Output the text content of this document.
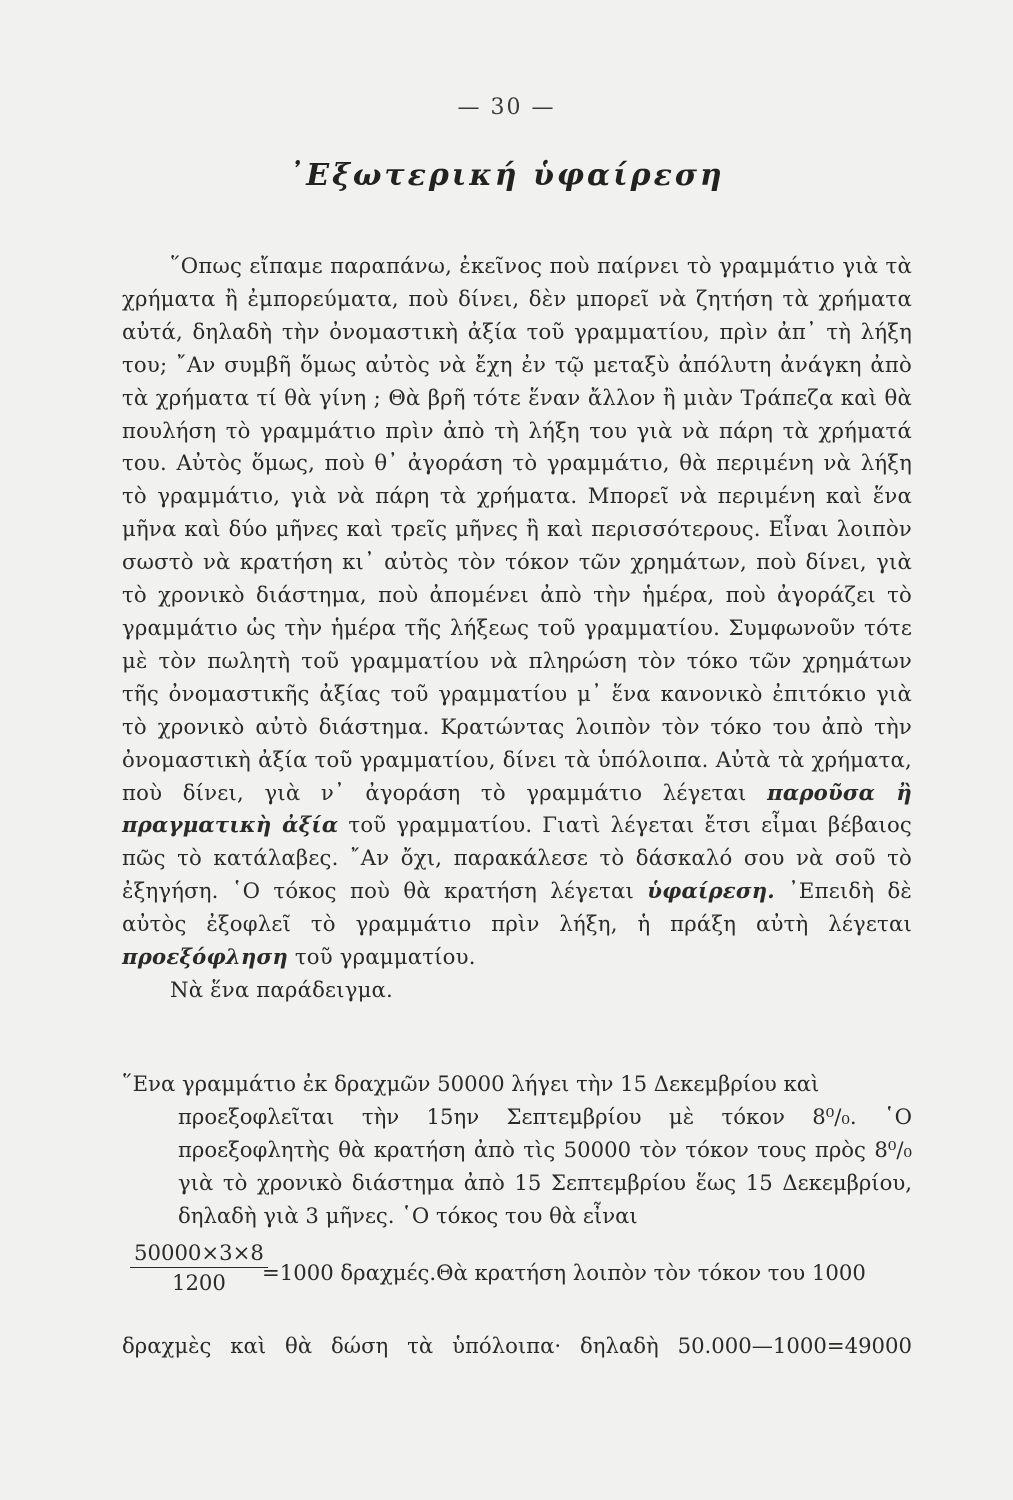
— 30 —
᾿Εξωτερική ὑφαίρεση

῞Οπως εἴπαμε παραπάνω, ἐκεῖνος ποὺ παίρνει τὸ γραμμάτιο γιὰ τὰ χρήματα ἢ ἐμπορεύματα, ποὺ δίνει, δὲν μπορεῖ νὰ ζητήση τὰ χρήματα αὐτά, δηλαδὴ τὴν ὀνομαστικὴ ἀξία τοῦ γραμματίου, πρὶν ἀπ᾿ τὴ λήξη του; ῎Αν συμβῆ ὅμως αὐτὸς νὰ ἔχη ἐν τῷ μεταξὺ ἀπόλυτη ἀνάγκη ἀπὸ τὰ χρήματα τί θὰ γίνη ; Θὰ βρῆ τότε ἕναν ἄλλον ἢ μιὰν Τράπεζα καὶ θὰ πουλήση τὸ γραμμάτιο πρὶν ἀπὸ τὴ λήξη του γιὰ νὰ πάρη τὰ χρήματά του. Αὐτὸς ὅμως, ποὺ θ᾿ ἀγοράση τὸ γραμμάτιο, θὰ περιμένη νὰ λήξη τὸ γραμμάτιο, γιὰ νὰ πάρη τὰ χρήματα. Μπορεῖ νὰ περιμένη καὶ ἕνα μῆνα καὶ δύο μῆνες καὶ τρεῖς μῆνες ἢ καὶ περισσότερους. Εἶναι λοιπὸν σωστὸ νὰ κρατήση κι᾿ αὐτὸς τὸν τόκον τῶν χρημάτων, ποὺ δίνει, γιὰ τὸ χρονικὸ διάστημα, ποὺ ἀπομένει ἀπὸ τὴν ἡμέρα, ποὺ ἀγοράζει τὸ γραμμάτιο ὡς τὴν ἡμέρα τῆς λήξεως τοῦ γραμματίου. Συμφωνοῦν τότε μὲ τὸν πωλητὴ τοῦ γραμματίου νὰ πληρώση τὸν τόκο τῶν χρημάτων τῆς ὀνομαστικῆς ἀξίας τοῦ γραμματίου μ᾿ ἕνα κανονικὸ ἐπιτόκιο γιὰ τὸ χρονικὸ αὐτὸ διάστημα. Κρατώντας λοιπὸν τὸν τόκο του ἀπὸ τὴν ὀνομαστικὴ ἀξία τοῦ γραμματίου, δίνει τὰ ὑπόλοιπα. Αὐτὰ τὰ χρήματα, ποὺ δίνει, γιὰ ν᾿ ἀγοράση τὸ γραμμάτιο λέγεται παροῦσα ἢ πραγματικὴ ἀξία τοῦ γραμματίου. Γιατὶ λέγεται ἔτσι εἶμαι βέβαιος πῶς τὸ κατάλαβες. ῎Αν ὄχι, παρακάλεσε τὸ δάσκαλό σου νὰ σοῦ τὸ ἐξηγήση. ῾Ο τόκος ποὺ θὰ κρατήση λέγεται ὑφαίρεση. ᾿Επειδὴ δὲ αὐτὸς ἐξοφλεῖ τὸ γραμμάτιο πρὶν λήξη, ἡ πράξη αὐτὴ λέγεται προεξόφληση τοῦ γραμματίου.

Νὰ ἕνα παράδειγμα.

῞Ενα γραμμάτιο ἐκ δραχμῶν 50000 λήγει τὴν 15 Δεκεμβρίου καὶ

προεξοφλεῖται τὴν 15ην Σεπτεμβρίου μὲ τόκον 8⁰/₀. ῾Ο προεξοφλητὴς θὰ κρατήση ἀπὸ τὶς 50000 τὸν τόκον τους πρὸς 8⁰/₀ γιὰ τὸ χρονικὸ διάστημα ἀπὸ 15 Σεπτεμβρίου ἕως 15 Δεκεμβρίου, δηλαδὴ γιὰ 3 μῆνες. ῾Ο τόκος του θὰ εἶναι

$\frac{50000\times 3\times 8}{1200}$
=1000 δραχμές.Θὰ κρατήση λοιπὸν τὸν τόκον του 1000
δραχμὲς καὶ θὰ δώση τὰ ὑπόλοιπα· δηλαδὴ 50.000—1000=49000
